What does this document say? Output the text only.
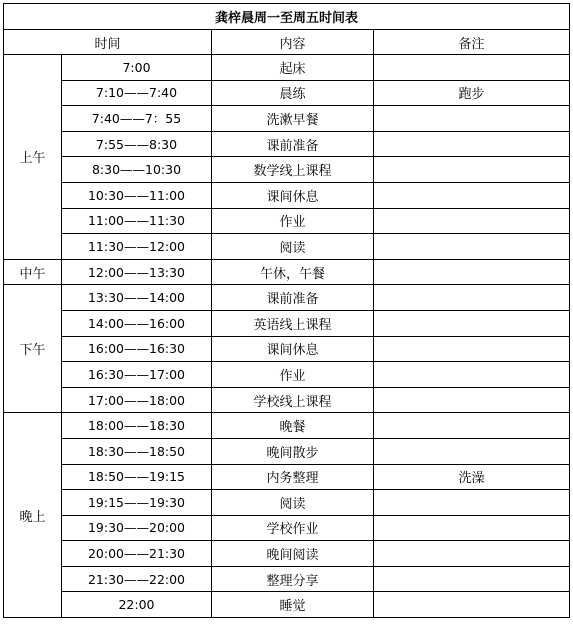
龚梓晨周一至周五时间表			
时间		内容	备注
上午	7:00	起床	
	7:10——7:40	晨练	跑步
	7:40——7：55	洗漱早餐	
	7:55——8:30	课前准备	
	8:30——10:30	数学线上课程	
	10:30——11:00	课间休息	
	11:00——11:30	作业	
	11:30——12:00	阅读	
中午	12:00——13:30	午休，午餐	
下午	13:30——14:00	课前准备	
	14:00——16:00	英语线上课程	
	16:00——16:30	课间休息	
	16:30——17:00	作业	
	17:00——18:00	学校线上课程	
晚上	18:00——18:30	晚餐	
	18:30——18:50	晚间散步	
	18:50——19:15	内务整理	洗澡
	19:15——19:30	阅读	
	19:30——20:00	学校作业	
	20:00——21:30	晚间阅读	
	21:30——22:00	整理分享	
	22:00	睡觉	
